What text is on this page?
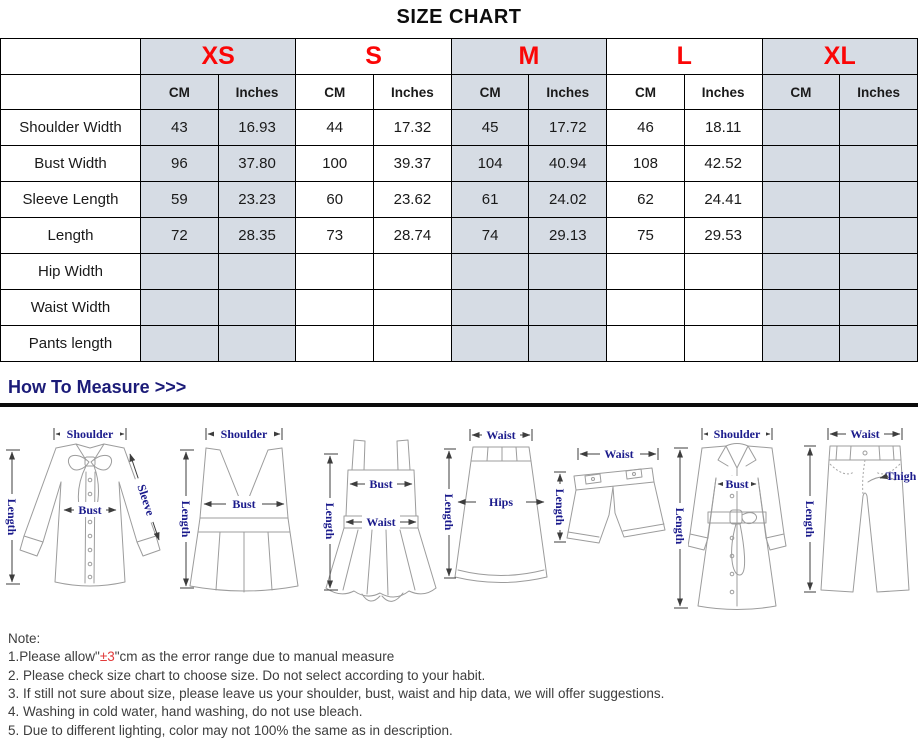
SIZE CHART
	XS		S		M		L		XL	
	CM	Inches	CM	Inches	CM	Inches	CM	Inches	CM	Inches
Shoulder Width	43	16.93	44	17.32	45	17.72	46	18.11		
Bust Width	96	37.80	100	39.37	104	40.94	108	42.52		
Sleeve Length	59	23.23	60	23.62	61	24.02	62	24.41		
Length	72	28.35	73	28.74	74	29.13	75	29.53		
Hip Width										
Waist Width										
Pants length										
How To Measure >>>
Shoulder
Length	Bust	Sleeve
Shoulder
Bust
Length
Bust
Waist
Length
Waist
Hips
Length
Waist
Length
Shoulder
Bust
Length
Waist
Thigh
Length
Note:
1.Please allow"±3"cm as the error range due to manual measure
2. Please check size chart to choose size. Do not select according to your habit.
3. If still not sure about size, please leave us your shoulder, bust, waist and hip data, we will offer suggestions.
4. Washing in cold water, hand washing, do not use bleach.
5. Due to different lighting, color may not 100% the same as in description.
